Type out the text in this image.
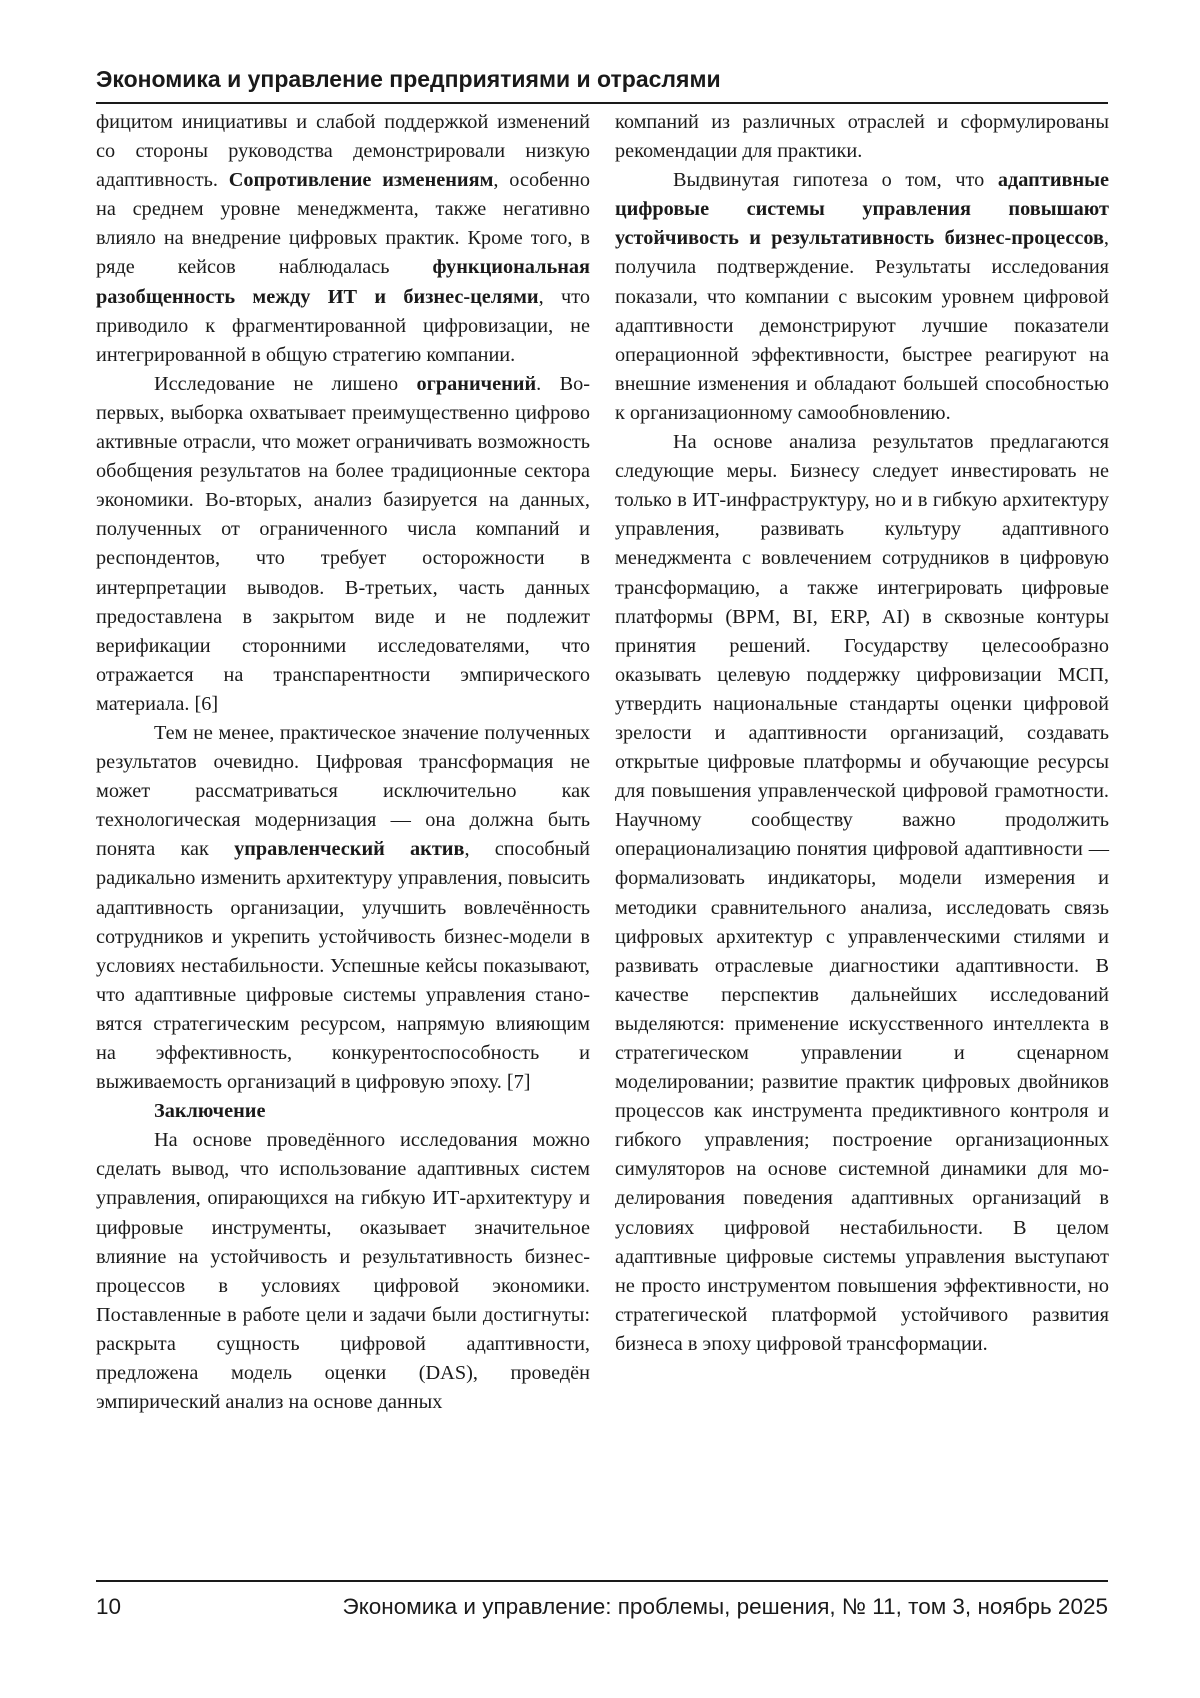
Экономика и управление предприятиями и отраслями

фицитом инициативы и слабой поддержкой изменений со стороны руководства демонстрировали низкую адаптивность. Сопротивление изменениям, особенно на среднем уровне менеджмента, также негативно влияло на внедрение цифровых практик. Кроме того, в ряде кейсов наблюдалась функциональная разобщенность между ИТ и бизнес-целями, что приводило к фрагментированной цифровизации, не интегрированной в общую стратегию компании.

Исследование не лишено ограничений. Во-первых, выборка охватывает преимущественно цифрово активные отрасли, что может ограничивать возможность обобщения результатов на более традиционные сектора экономики. Во-вторых, анализ базируется на данных, полученных от ограниченного числа компаний и респондентов, что требует осторожности в интерпретации выводов. В-третьих, часть данных предоставлена в закрытом виде и не подлежит верификации сторонними исследователями, что отражается на транспарентности эмпирического материала. [6]

Тем не менее, практическое значение полученных результатов очевидно. Цифровая трансформация не может рассматриваться исключительно как технологическая модернизация — она должна быть понята как управленческий актив, способный радикально изменить архитектуру управления, повысить адаптивность организации, улучшить вовлечённость сотрудников и укрепить устойчивость бизнес-модели в условиях нестабильности. Успешные кейсы показывают, что адаптивные цифровые системы управления становятся стратегическим ресурсом, напрямую влияющим на эффективность, конкурентоспособность и выживаемость организаций в цифровую эпоху. [7]

Заключение

На основе проведённого исследования можно сделать вывод, что использование адаптивных систем управления, опирающихся на гибкую ИТ-архитектуру и цифровые инструменты, оказывает значительное влияние на устойчивость и результативность бизнес-процессов в условиях цифровой экономики. Поставленные в работе цели и задачи были достигнуты: раскрыта сущность цифровой адаптивности, предложена модель оценки (DAS), проведён эмпирический анализ на основе данных

компаний из различных отраслей и сформулированы рекомендации для практики.

Выдвинутая гипотеза о том, что адаптивные цифровые системы управления повышают устойчивость и результативность бизнес-процессов, получила подтверждение. Результаты исследования показали, что компании с высоким уровнем цифровой адаптивности демонстрируют лучшие показатели операционной эффективности, быстрее реагируют на внешние изменения и обладают большей способностью к организационному самообновлению.

На основе анализа результатов предлагаются следующие меры. Бизнесу следует инвестировать не только в ИТ-инфраструктуру, но и в гибкую архитектуру управления, развивать культуру адаптивного менеджмента с вовлечением сотрудников в цифровую трансформацию, а также интегрировать цифровые платформы (BPM, BI, ERP, AI) в сквозные контуры принятия решений. Государству целесообразно оказывать целевую поддержку цифровизации МСП, утвердить национальные стандарты оценки цифровой зрелости и адаптивности организаций, создавать открытые цифровые платформы и обучающие ресурсы для повышения управленческой цифровой грамотности. Научному сообществу важно продолжить операционализацию понятия цифровой адаптивности — формализовать индикаторы, модели измерения и методики сравнительного анализа, исследовать связь цифровых архитектур с управленческими стилями и развивать отраслевые диагностики адаптивности. В качестве перспектив дальнейших исследований выделяются: применение искусственного интеллекта в стратегическом управлении и сценарном моделировании; развитие практик цифровых двойников процессов как инструмента предиктивного контроля и гибкого управления; построение организационных симуляторов на основе системной динамики для моделирования поведения адаптивных организаций в условиях цифровой нестабильности. В целом адаптивные цифровые системы управления выступают не просто инструментом повышения эффективности, но стратегической платформой устойчивого развития бизнеса в эпоху цифровой трансформации.

10	Экономика и управление: проблемы, решения, № 11, том 3, ноябрь 2025
